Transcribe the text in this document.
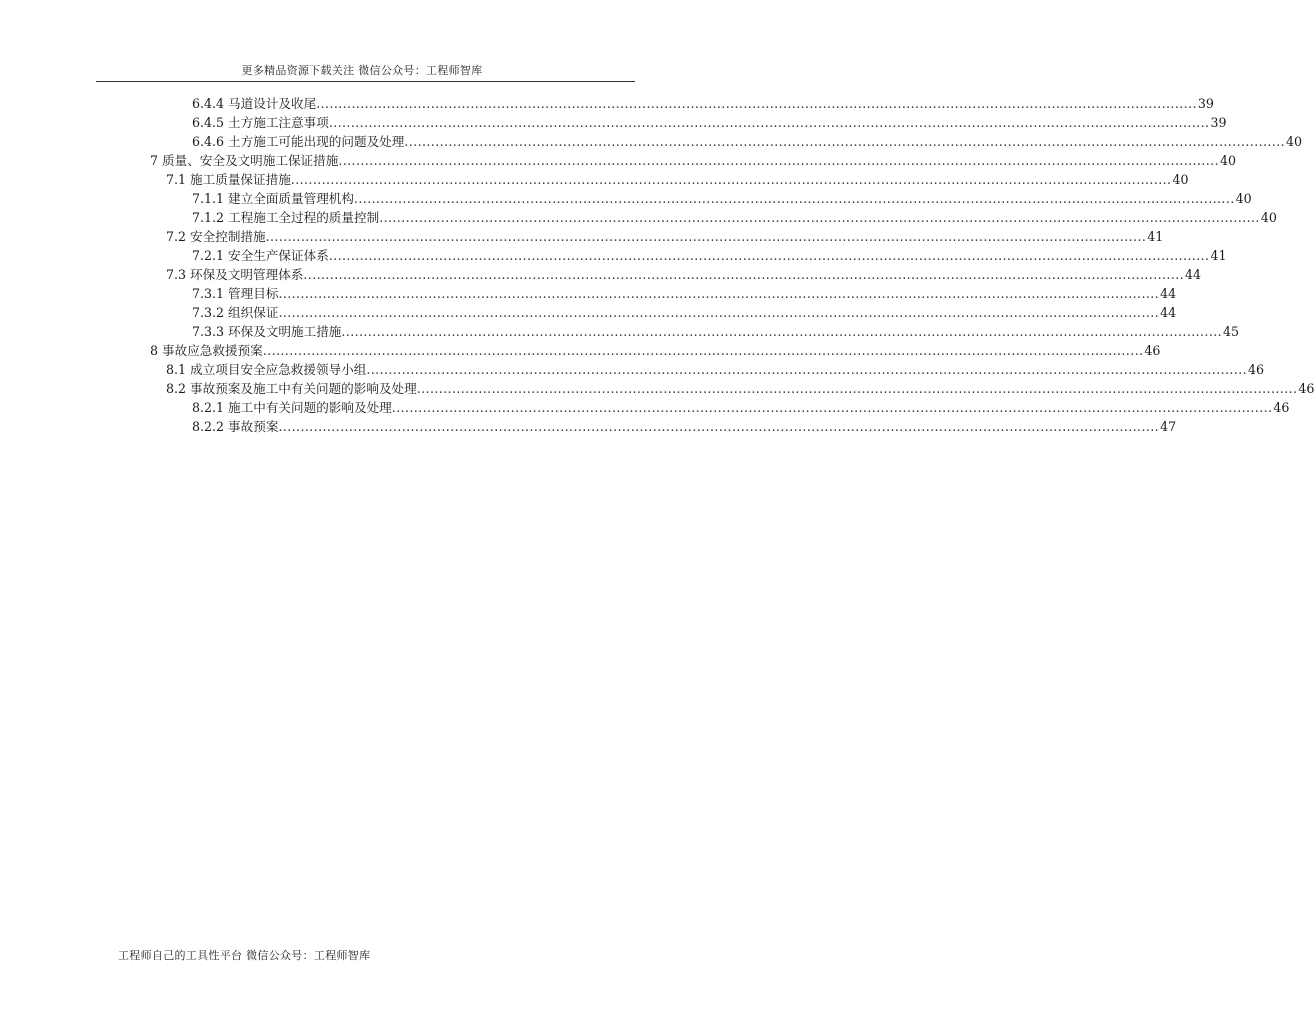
更多精品资源下载关注 微信公众号：工程师智库
6.4.4 马道设计及收尾 ........................................................................................................................................................................................................ 39
6.4.5 土方施工注意事项 ........................................................................................................................................................................................................ 39
6.4.6 土方施工可能出现的问题及处理 ........................................................................................................................................................................................................ 40
7 质量、安全及文明施工保证措施 ........................................................................................................................................................................................................ 40
7.1 施工质量保证措施 ........................................................................................................................................................................................................ 40
7.1.1 建立全面质量管理机构 ........................................................................................................................................................................................................ 40
7.1.2 工程施工全过程的质量控制 ........................................................................................................................................................................................................ 40
7.2 安全控制措施 ........................................................................................................................................................................................................ 41
7.2.1 安全生产保证体系 ........................................................................................................................................................................................................ 41
7.3 环保及文明管理体系 ........................................................................................................................................................................................................ 44
7.3.1 管理目标 ........................................................................................................................................................................................................ 44
7.3.2 组织保证 ........................................................................................................................................................................................................ 44
7.3.3 环保及文明施工措施 ........................................................................................................................................................................................................ 45
8 事故应急救援预案 ........................................................................................................................................................................................................ 46
8.1 成立项目安全应急救援领导小组 ........................................................................................................................................................................................................ 46
8.2 事故预案及施工中有关问题的影响及处理 ........................................................................................................................................................................................................ 46
8.2.1 施工中有关问题的影响及处理 ........................................................................................................................................................................................................ 46
8.2.2 事故预案 ........................................................................................................................................................................................................ 47
工程师自己的工具性平台 微信公众号：工程师智库
